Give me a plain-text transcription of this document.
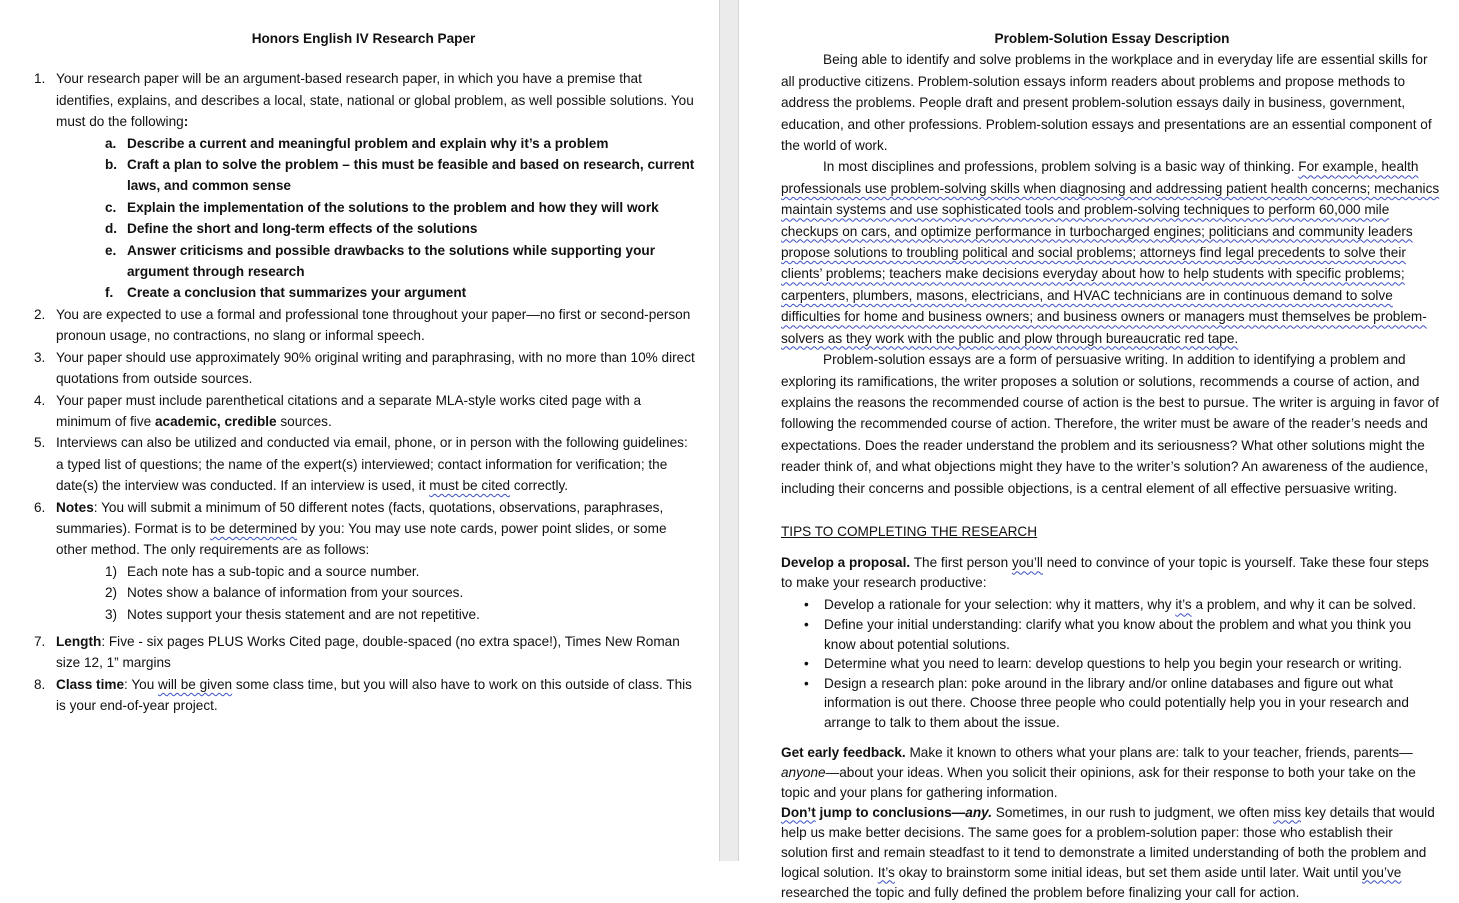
Honors English IV Research Paper
1. Your research paper will be an argument-based research paper, in which you have a premise that identifies, explains, and describes a local, state, national or global problem, as well possible solutions. You must do the following:
a. Describe a current and meaningful problem and explain why it’s a problem
b. Craft a plan to solve the problem – this must be feasible and based on research, current laws, and common sense
c. Explain the implementation of the solutions to the problem and how they will work
d. Define the short and long-term effects of the solutions
e. Answer criticisms and possible drawbacks to the solutions while supporting your argument through research
f. Create a conclusion that summarizes your argument
2. You are expected to use a formal and professional tone throughout your paper—no first or second-person pronoun usage, no contractions, no slang or informal speech.
3. Your paper should use approximately 90% original writing and paraphrasing, with no more than 10% direct quotations from outside sources.
4. Your paper must include parenthetical citations and a separate MLA-style works cited page with a minimum of five academic, credible sources.
5. Interviews can also be utilized and conducted via email, phone, or in person with the following guidelines: a typed list of questions; the name of the expert(s) interviewed; contact information for verification; the date(s) the interview was conducted. If an interview is used, it must be cited correctly.
6. Notes: You will submit a minimum of 50 different notes (facts, quotations, observations, paraphrases, summaries). Format is to be determined by you: You may use note cards, power point slides, or some other method. The only requirements are as follows:
1) Each note has a sub-topic and a source number.
2) Notes show a balance of information from your sources.
3) Notes support your thesis statement and are not repetitive.
7. Length: Five - six pages PLUS Works Cited page, double-spaced (no extra space!), Times New Roman size 12, 1” margins
8. Class time: You will be given some class time, but you will also have to work on this outside of class. This is your end-of-year project.
Problem-Solution Essay Description

Being able to identify and solve problems in the workplace and in everyday life are essential skills for all productive citizens. Problem-solution essays inform readers about problems and propose methods to address the problems. People draft and present problem-solution essays daily in business, government, education, and other professions. Problem-solution essays and presentations are an essential component of the world of work.

In most disciplines and professions, problem solving is a basic way of thinking. For example, health professionals use problem-solving skills when diagnosing and addressing patient health concerns; mechanics maintain systems and use sophisticated tools and problem-solving techniques to perform 60,000 mile checkups on cars, and optimize performance in turbocharged engines; politicians and community leaders propose solutions to troubling political and social problems; attorneys find legal precedents to solve their clients’ problems; teachers make decisions everyday about how to help students with specific problems; carpenters, plumbers, masons, electricians, and HVAC technicians are in continuous demand to solve difficulties for home and business owners; and business owners or managers must themselves be problem-solvers as they work with the public and plow through bureaucratic red tape.

Problem-solution essays are a form of persuasive writing. In addition to identifying a problem and exploring its ramifications, the writer proposes a solution or solutions, recommends a course of action, and explains the reasons the recommended course of action is the best to pursue. The writer is arguing in favor of following the recommended course of action. Therefore, the writer must be aware of the reader’s needs and expectations. Does the reader understand the problem and its seriousness? What other solutions might the reader think of, and what objections might they have to the writer’s solution? An awareness of the audience, including their concerns and possible objections, is a central element of all effective persuasive writing.

TIPS TO COMPLETING THE RESEARCH

Develop a proposal. The first person you’ll need to convince of your topic is yourself. Take these four steps to make your research productive:

• Develop a rationale for your selection: why it matters, why it’s a problem, and why it can be solved.
• Define your initial understanding: clarify what you know about the problem and what you think you know about potential solutions.
• Determine what you need to learn: develop questions to help you begin your research or writing.
• Design a research plan: poke around in the library and/or online databases and figure out what information is out there. Choose three people who could potentially help you in your research and arrange to talk to them about the issue.

Get early feedback. Make it known to others what your plans are: talk to your teacher, friends, parents—anyone—about your ideas. When you solicit their opinions, ask for their response to both your take on the topic and your plans for gathering information.

Don’t jump to conclusions—any. Sometimes, in our rush to judgment, we often miss key details that would help us make better decisions. The same goes for a problem-solution paper: those who establish their solution first and remain steadfast to it tend to demonstrate a limited understanding of both the problem and logical solution. It’s okay to brainstorm some initial ideas, but set them aside until later. Wait until you’ve researched the topic and fully defined the problem before finalizing your call for action.
